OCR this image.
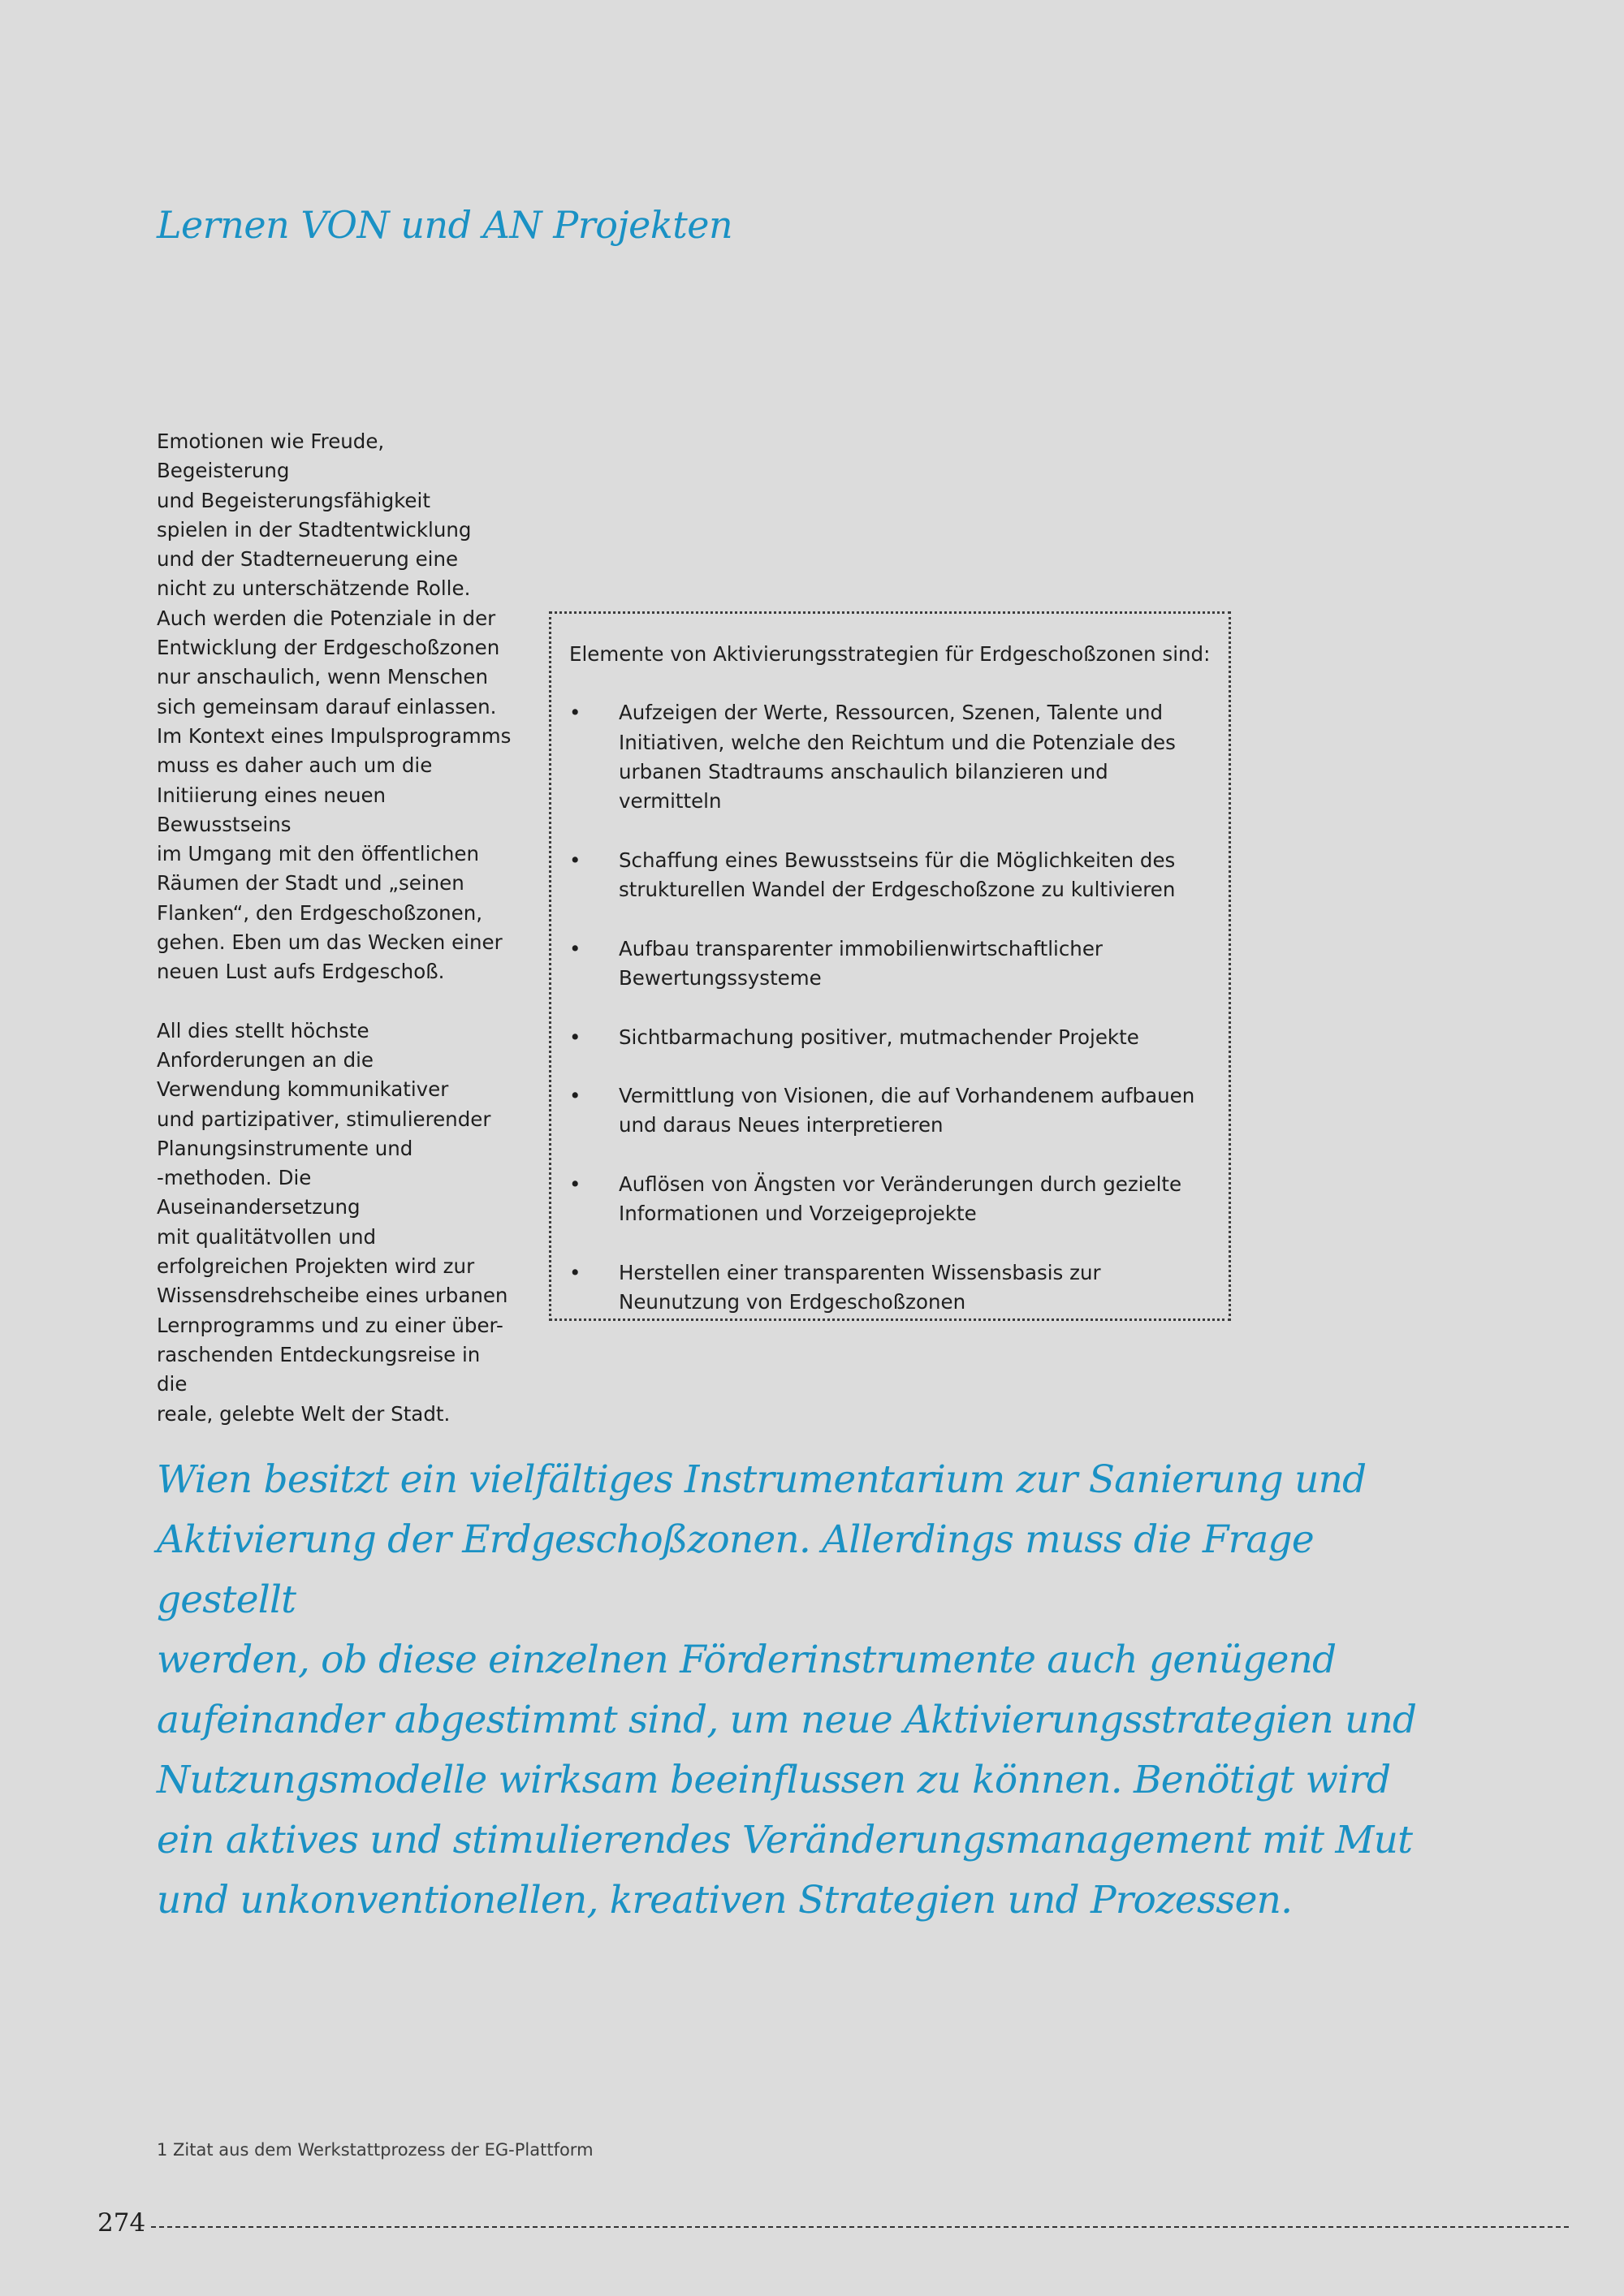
Lernen VON und AN Projekten

Emotionen wie Freude, Begeisterung
und Begeisterungsfähigkeit
spielen in der Stadtentwicklung
und der Stadterneuerung eine
nicht zu unterschätzende Rolle.
Auch werden die Potenziale in der
Entwicklung der Erdgeschoßzonen
nur anschaulich, wenn Menschen
sich gemeinsam darauf einlassen.
Im Kontext eines Impulsprogramms
muss es daher auch um die
Initiierung eines neuen Bewusstseins
im Umgang mit den öffentlichen
Räumen der Stadt und „seinen
Flanken“, den Erdgeschoßzonen,
gehen. Eben um das Wecken einer
neuen Lust aufs Erdgeschoß.

All dies stellt höchste
Anforderungen an die
Verwendung kommunikativer
und partizipativer, stimulierender
Planungsinstrumente und
-methoden. Die Auseinandersetzung
mit qualitätvollen und
erfolgreichen Projekten wird zur
Wissensdrehscheibe eines urbanen
Lernprogramms und zu einer über-
raschenden Entdeckungsreise in die
reale, gelebte Welt der Stadt.

Elemente von Aktivierungsstrategien für Erdgeschoßzonen sind:

• Aufzeigen der Werte, Ressourcen, Szenen, Talente und Initiativen, welche den Reichtum und die Potenziale des urbanen Stadtraums anschaulich bilanzieren und vermitteln
• Schaffung eines Bewusstseins für die Möglichkeiten des strukturellen Wandel der Erdgeschoßzone zu kultivieren
• Aufbau transparenter immobilienwirtschaftlicher Bewertungssysteme
• Sichtbarmachung positiver, mutmachender Projekte
• Vermittlung von Visionen, die auf Vorhandenem aufbauen und daraus Neues interpretieren
• Auflösen von Ängsten vor Veränderungen durch gezielte Informationen und Vorzeigeprojekte
• Herstellen einer transparenten Wissensbasis zur Neunutzung von Erdgeschoßzonen

Wien besitzt ein vielfältiges Instrumentarium zur Sanierung und
Aktivierung der Erdgeschoßzonen. Allerdings muss die Frage gestellt
werden, ob diese einzelnen Förderinstrumente auch genügend
aufeinander abgestimmt sind, um neue Aktivierungsstrategien und
Nutzungsmodelle wirksam beeinflussen zu können. Benötigt wird
ein aktives und stimulierendes Veränderungsmanagement mit Mut
und unkonventionellen, kreativen Strategien und Prozessen.

1 Zitat aus dem Werkstattprozess der EG-Plattform
274
